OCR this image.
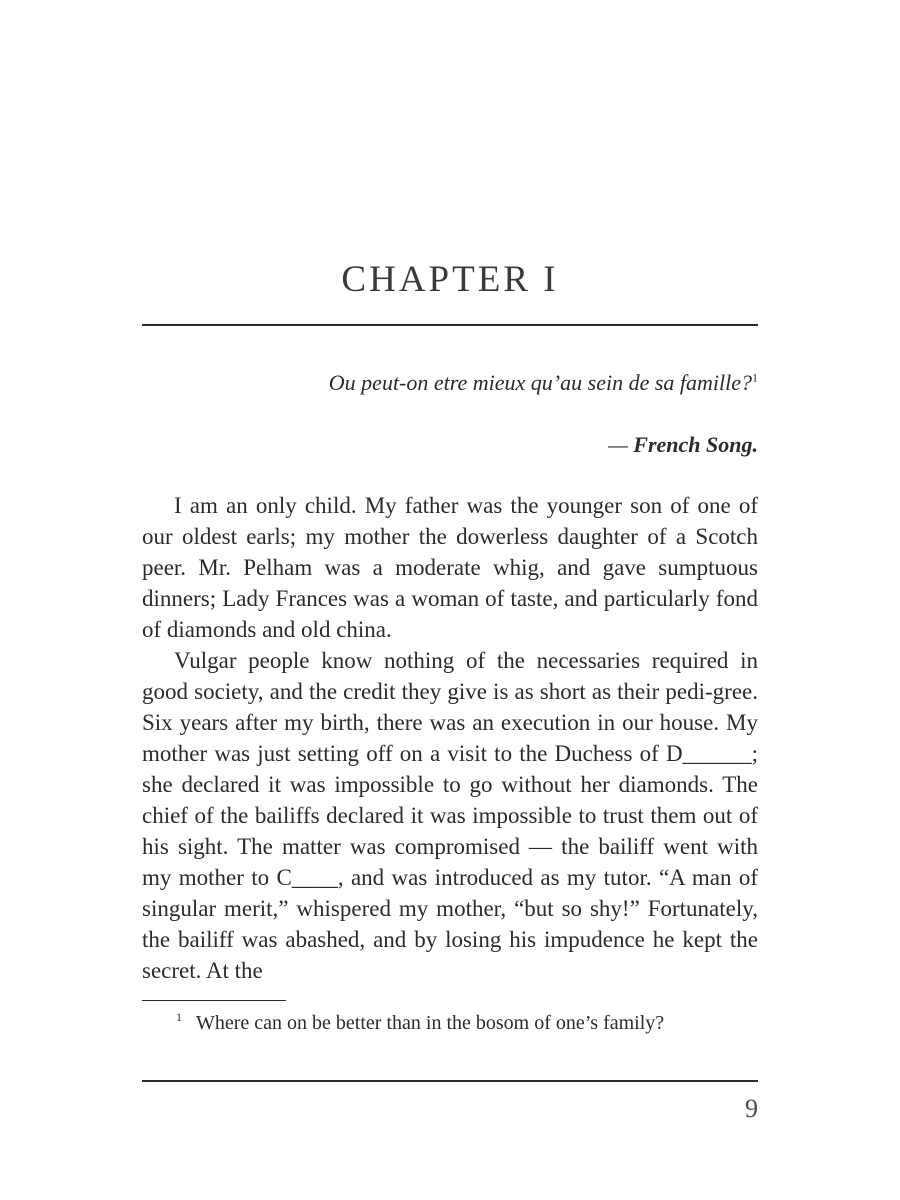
CHAPTER I

Ou peut-on etre mieux qu’au sein de sa famille?$^1$

— French Song.

I am an only child. My father was the younger son of one of our oldest earls; my mother the dowerless daughter of a Scotch peer. Mr. Pelham was a moderate whig, and gave sumptuous dinners; Lady Frances was a woman of taste, and particularly fond of diamonds and old china.

Vulgar people know nothing of the necessaries required in good society, and the credit they give is as short as their pedi-gree. Six years after my birth, there was an execution in our house. My mother was just setting off on a visit to the Duchess of D______; she declared it was impossible to go without her diamonds. The chief of the bailiffs declared it was impossible to trust them out of his sight. The matter was compromised — the bailiff went with my mother to C____, and was introduced as my tutor. “A man of singular merit,” whispered my mother, “but so shy!” Fortunately, the bailiff was abashed, and by losing his impudence he kept the secret. At the

$^1$ Where can on be better than in the bosom of one’s family?

9
